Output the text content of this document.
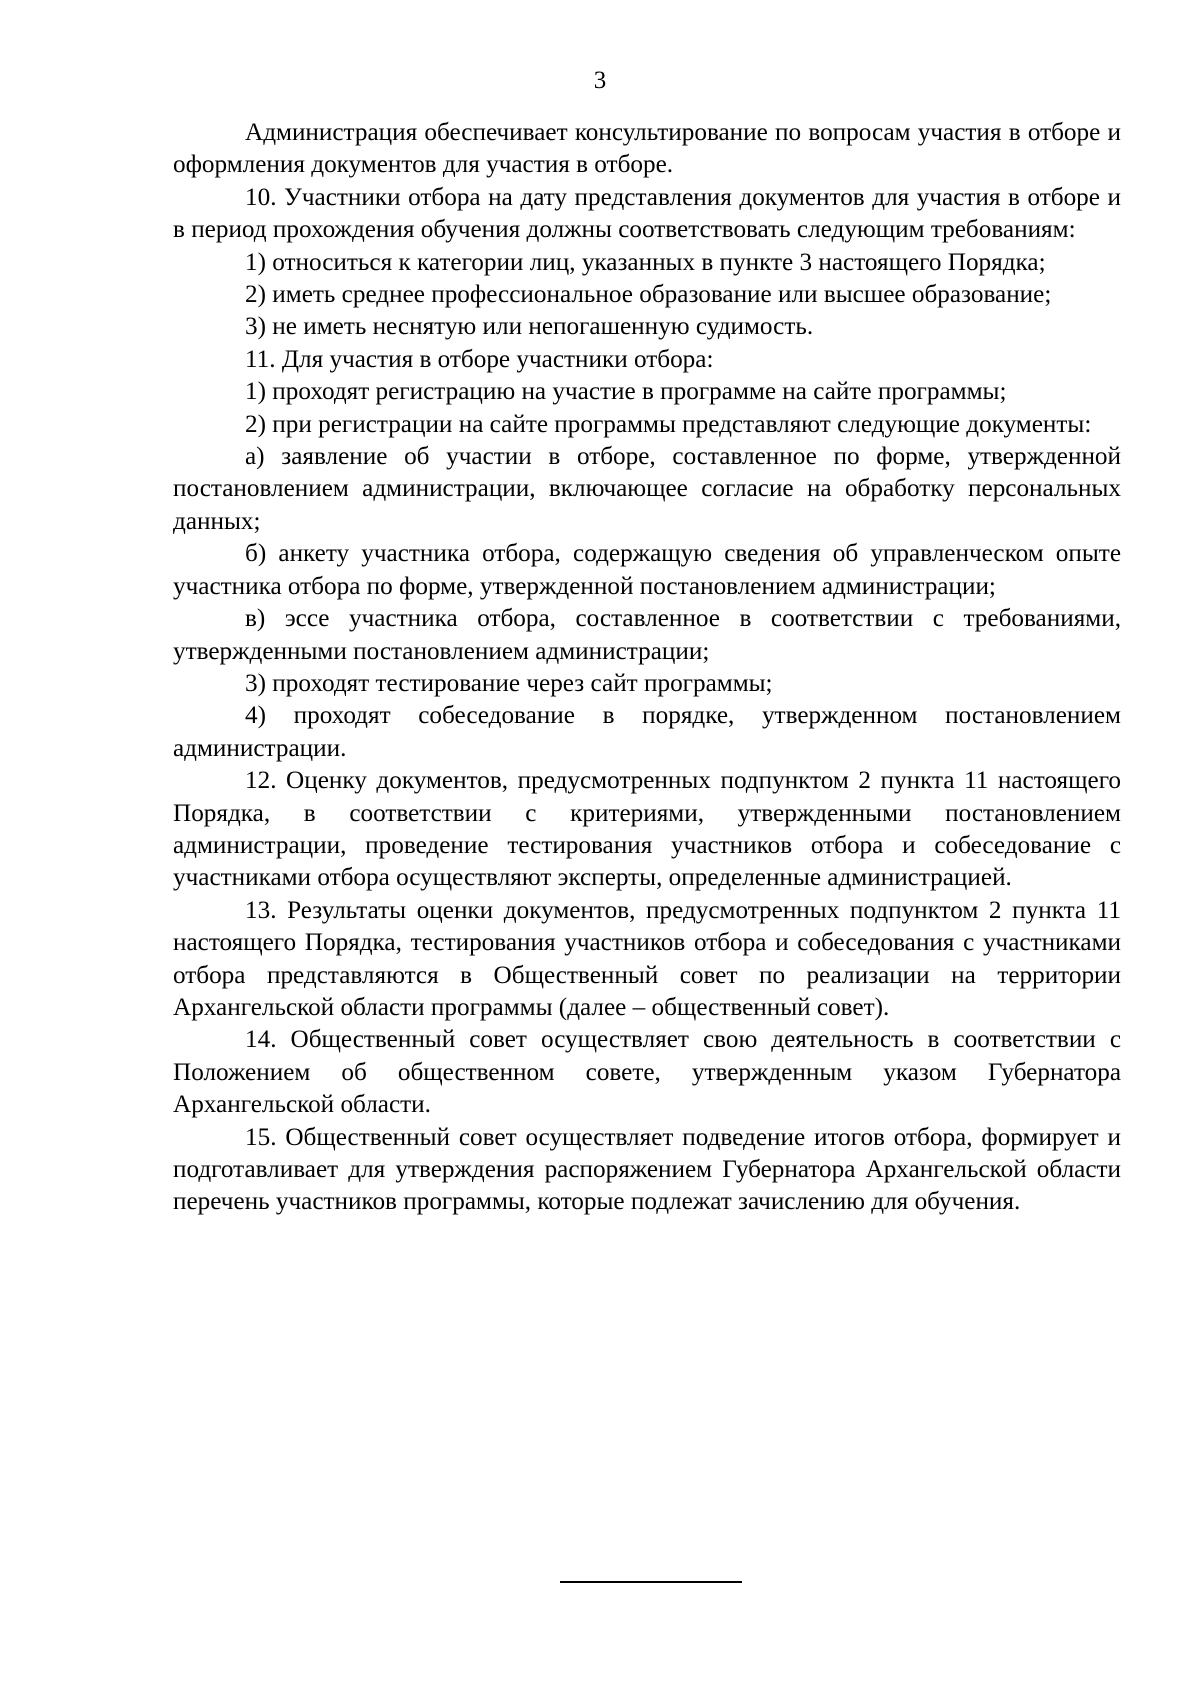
3

Администрация обеспечивает консультирование по вопросам участия в отборе и оформления документов для участия в отборе.

10. Участники отбора на дату представления документов для участия в отборе и в период прохождения обучения должны соответствовать следующим требованиям:

1) относиться к категории лиц, указанных в пункте 3 настоящего Порядка;

2) иметь среднее профессиональное образование или высшее образование;

3) не иметь неснятую или непогашенную судимость.

11. Для участия в отборе участники отбора:

1) проходят регистрацию на участие в программе на сайте программы;

2) при регистрации на сайте программы представляют следующие документы:

а) заявление об участии в отборе, составленное по форме, утвержденной постановлением администрации, включающее согласие на обработку персональных данных;

б) анкету участника отбора, содержащую сведения об управленческом опыте участника отбора по форме, утвержденной постановлением администрации;

в) эссе участника отбора, составленное в соответствии с требованиями, утвержденными постановлением администрации;

3) проходят тестирование через сайт программы;

4) проходят собеседование в порядке, утвержденном постановлением администрации.

12. Оценку документов, предусмотренных подпунктом 2 пункта 11 настоящего Порядка, в соответствии с критериями, утвержденными постановлением администрации, проведение тестирования участников отбора и собеседование с участниками отбора осуществляют эксперты, определенные администрацией.

13. Результаты оценки документов, предусмотренных подпунктом 2 пункта 11 настоящего Порядка, тестирования участников отбора и собеседования с участниками отбора представляются в Общественный совет по реализации на территории Архангельской области программы (далее – общественный совет).

14. Общественный совет осуществляет свою деятельность в соответствии с Положением об общественном совете, утвержденным указом Губернатора Архангельской области.

15. Общественный совет осуществляет подведение итогов отбора, формирует и подготавливает для утверждения распоряжением Губернатора Архангельской области перечень участников программы, которые подлежат зачислению для обучения.
